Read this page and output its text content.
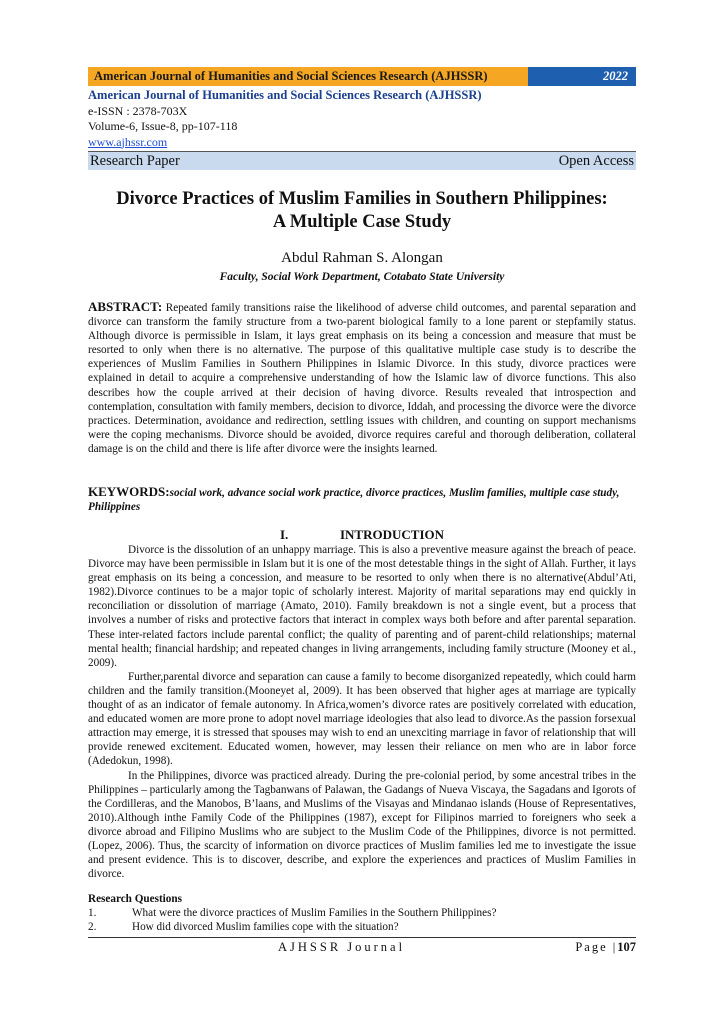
American Journal of Humanities and Social Sciences Research (AJHSSR)	2022
American Journal of Humanities and Social Sciences Research (AJHSSR)
e-ISSN : 2378-703X
Volume-6, Issue-8, pp-107-118
www.ajhssr.com
Research Paper	Open Access
Divorce Practices of Muslim Families in Southern Philippines:
A Multiple Case Study
Abdul Rahman S. Alongan
Faculty, Social Work Department, Cotabato State University
ABSTRACT: Repeated family transitions raise the likelihood of adverse child outcomes, and parental separation and divorce can transform the family structure from a two-parent biological family to a lone parent or stepfamily status. Although divorce is permissible in Islam, it lays great emphasis on its being a concession and measure that must be resorted to only when there is no alternative. The purpose of this qualitative multiple case study is to describe the experiences of Muslim Families in Southern Philippines in Islamic Divorce. In this study, divorce practices were explained in detail to acquire a comprehensive understanding of how the Islamic law of divorce functions. This also describes how the couple arrived at their decision of having divorce. Results revealed that introspection and contemplation, consultation with family members, decision to divorce, Iddah, and processing the divorce were the divorce practices. Determination, avoidance and redirection, settling issues with children, and counting on support mechanisms were the coping mechanisms. Divorce should be avoided, divorce requires careful and thorough deliberation, collateral damage is on the child and there is life after divorce were the insights learned.
KEYWORDS:social work, advance social work practice, divorce practices, Muslim families, multiple case study, Philippines
I.	INTRODUCTION

Divorce is the dissolution of an unhappy marriage. This is also a preventive measure against the breach of peace. Divorce may have been permissible in Islam but it is one of the most detestable things in the sight of Allah. Further, it lays great emphasis on its being a concession, and measure to be resorted to only when there is no alternative(Abdul’Ati, 1982).Divorce continues to be a major topic of scholarly interest. Majority of marital separations may end quickly in reconciliation or dissolution of marriage (Amato, 2010). Family breakdown is not a single event, but a process that involves a number of risks and protective factors that interact in complex ways both before and after parental separation. These inter-related factors include parental conflict; the quality of parenting and of parent-child relationships; maternal mental health; financial hardship; and repeated changes in living arrangements, including family structure (Mooney et al., 2009).

Further,parental divorce and separation can cause a family to become disorganized repeatedly, which could harm children and the family transition.(Mooneyet al, 2009). It has been observed that higher ages at marriage are typically thought of as an indicator of female autonomy. In Africa,women’s divorce rates are positively correlated with education, and educated women are more prone to adopt novel marriage ideologies that also lead to divorce.As the passion forsexual attraction may emerge, it is stressed that spouses may wish to end an unexciting marriage in favor of relationship that will provide renewed excitement. Educated women, however, may lessen their reliance on men who are in labor force (Adedokun, 1998).

In the Philippines, divorce was practiced already. During the pre-colonial period, by some ancestral tribes in the Philippines – particularly among the Tagbanwans of Palawan, the Gadangs of Nueva Viscaya, the Sagadans and Igorots of the Cordilleras, and the Manobos, B’laans, and Muslims of the Visayas and Mindanao islands (House of Representatives, 2010).Although inthe Family Code of the Philippines (1987), except for Filipinos married to foreigners who seek a divorce abroad and Filipino Muslims who are subject to the Muslim Code of the Philippines, divorce is not permitted. (Lopez, 2006). Thus, the scarcity of information on divorce practices of Muslim families led me to investigate the issue and present evidence. This is to discover, describe, and explore the experiences and practices of Muslim Families in divorce.

Research Questions
1.	What were the divorce practices of Muslim Families in the Southern Philippines?
2.	How did divorced Muslim families cope with the situation?
AJHSSR Journal	Page |107
